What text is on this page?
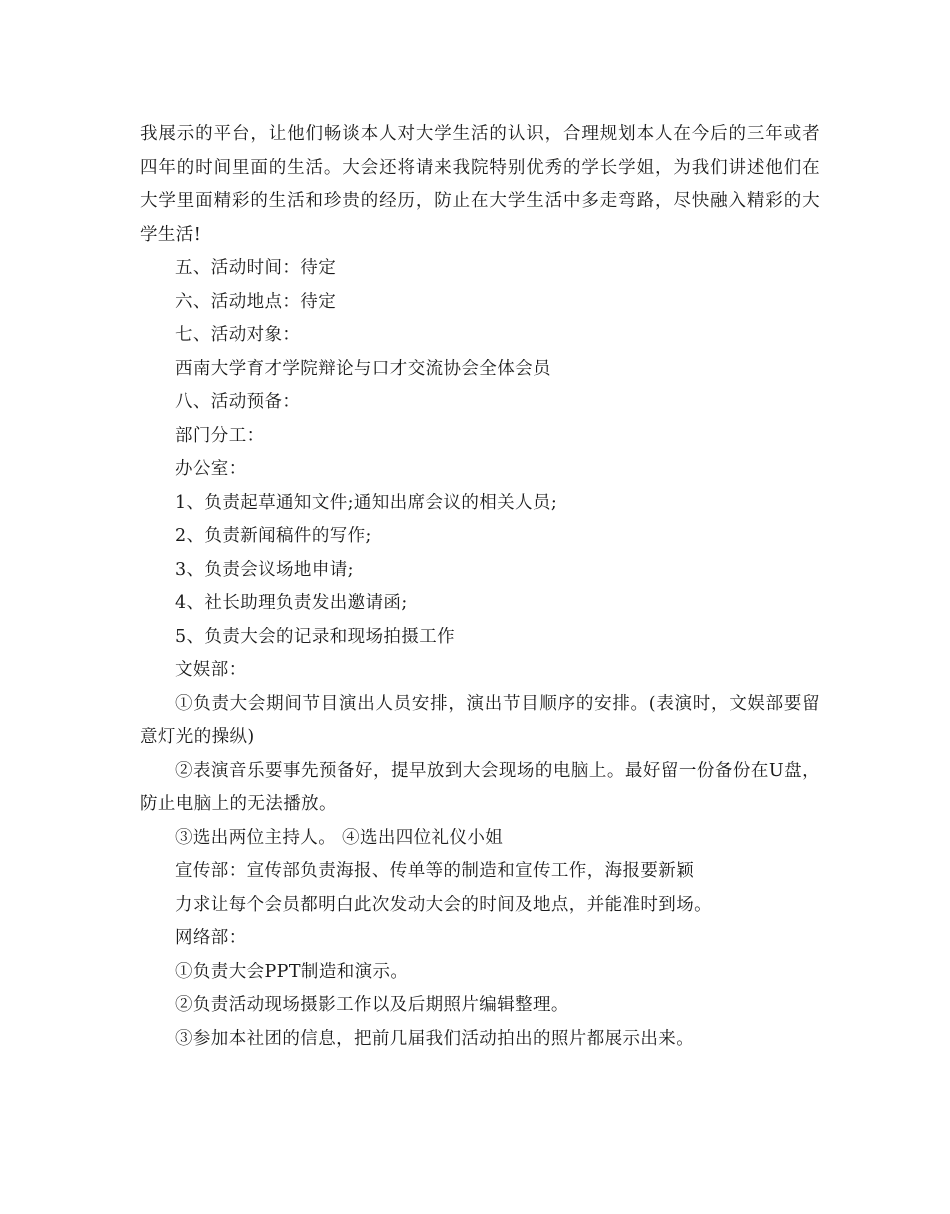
我展示的平台，让他们畅谈本人对大学生活的认识，合理规划本人在今后的三年或者四年的时间里面的生活。大会还将请来我院特别优秀的学长学姐，为我们讲述他们在大学里面精彩的生活和珍贵的经历，防止在大学生活中多走弯路，尽快融入精彩的大学生活!

五、活动时间：待定

六、活动地点：待定

七、活动对象：

西南大学育才学院辩论与口才交流协会全体会员

八、活动预备：

部门分工：

办公室：

1、负责起草通知文件;通知出席会议的相关人员;

2、负责新闻稿件的写作;

3、负责会议场地申请;

4、社长助理负责发出邀请函;

5、负责大会的记录和现场拍摄工作

文娱部：

①负责大会期间节目演出人员安排，演出节目顺序的安排。(表演时，文娱部要留意灯光的操纵)

②表演音乐要事先预备好，提早放到大会现场的电脑上。最好留一份备份在U盘，防止电脑上的无法播放。

③选出两位主持人。 ④选出四位礼仪小姐

宣传部：宣传部负责海报、传单等的制造和宣传工作，海报要新颖

力求让每个会员都明白此次发动大会的时间及地点，并能准时到场。

网络部：

①负责大会PPT制造和演示。

②负责活动现场摄影工作以及后期照片编辑整理。

③参加本社团的信息，把前几届我们活动拍出的照片都展示出来。
